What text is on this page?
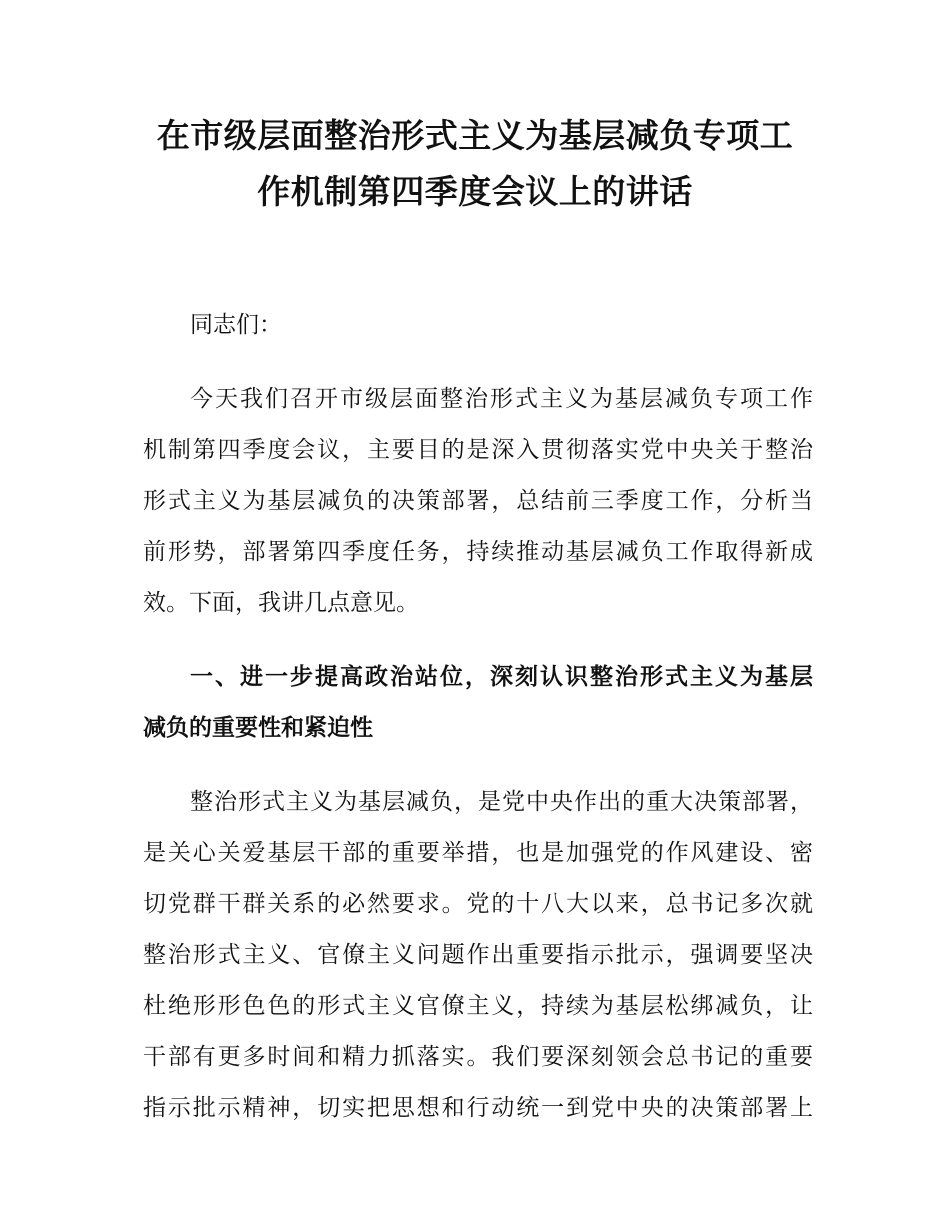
在市级层面整治形式主义为基层减负专项工
作机制第四季度会议上的讲话
同志们：
今天我们召开市级层面整治形式主义为基层减负专项工作
机制第四季度会议，主要目的是深入贯彻落实党中央关于整治
形式主义为基层减负的决策部署，总结前三季度工作，分析当
前形势，部署第四季度任务，持续推动基层减负工作取得新成
效。下面，我讲几点意见。
一、进一步提高政治站位，深刻认识整治形式主义为基层
减负的重要性和紧迫性
整治形式主义为基层减负，是党中央作出的重大决策部署，
是关心关爱基层干部的重要举措，也是加强党的作风建设、密
切党群干群关系的必然要求。党的十八大以来，总书记多次就
整治形式主义、官僚主义问题作出重要指示批示，强调要坚决
杜绝形形色色的形式主义官僚主义，持续为基层松绑减负，让
干部有更多时间和精力抓落实。我们要深刻领会总书记的重要
指示批示精神，切实把思想和行动统一到党中央的决策部署上
